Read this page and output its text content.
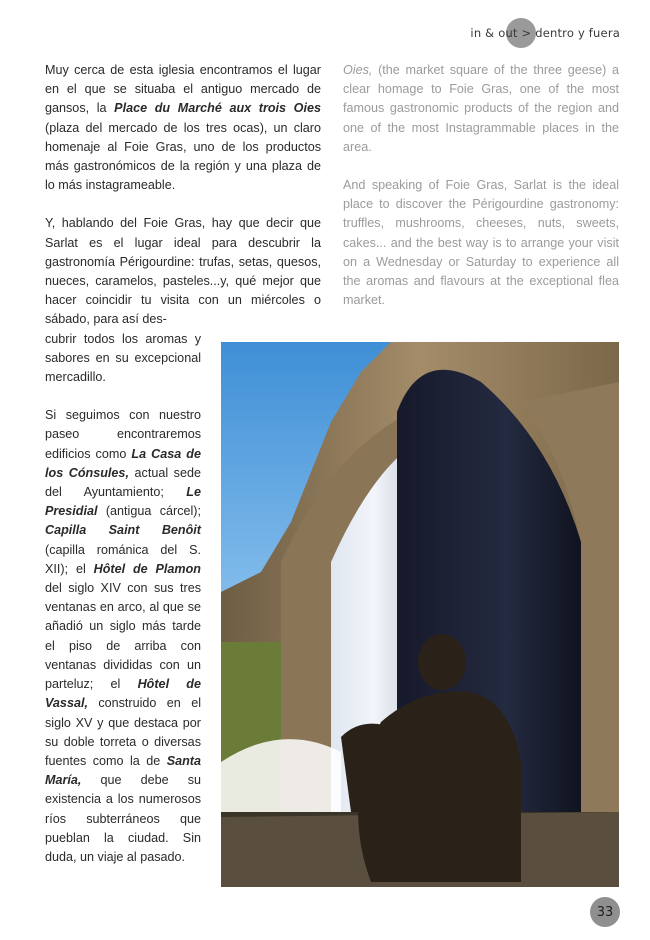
in
&
out
>
dentro y fuera

Muy cerca de esta iglesia encontramos el lugar en el que se situaba el antiguo mercado de gansos, la Place du Marché aux trois Oies (plaza del mercado de los tres ocas), un claro homenaje al Foie Gras, uno de los productos más gastronómicos de la región y una plaza de lo más instagrameable.

Y, hablando del Foie Gras, hay que decir que Sarlat es el lugar ideal para descubrir la gastronomía Périgourdine: trufas, setas, quesos, nueces, caramelos, pasteles...y, qué mejor que hacer coincidir tu visita con un miércoles o sábado, para así des-

cubrir todos los aromas y sabores en su excepcional mercadillo.

Si seguimos con nuestro paseo encontraremos edificios como La Casa de los Cónsules, actual sede del Ayuntamiento; Le Presidial (antigua cárcel); Capilla Saint Benôit (capilla románica del S. XII); el Hôtel de Plamon del siglo XIV con sus tres ventanas en arco, al que se añadió un siglo más tarde el piso de arriba con ventanas divididas con un parteluz; el Hôtel de Vassal, construido en el siglo XV y que destaca por su doble torreta o diversas fuentes como la de Santa María, que debe su existencia a los numerosos ríos subterráneos que pueblan la ciudad. Sin duda, un viaje al pasado.

Oies, (the market square of the three geese) a clear homage to Foie Gras, one of the most famous gastronomic products of the region and one of the most Instagrammable places in the area.

And speaking of Foie Gras, Sarlat is the ideal place to discover the Périgourdine gastronomy: truffles, mushrooms, cheeses, nuts, sweets, cakes... and the best way is to arrange your visit on a Wednesday or Saturday to experience all the aromas and flavours at the exceptional flea market.

33
